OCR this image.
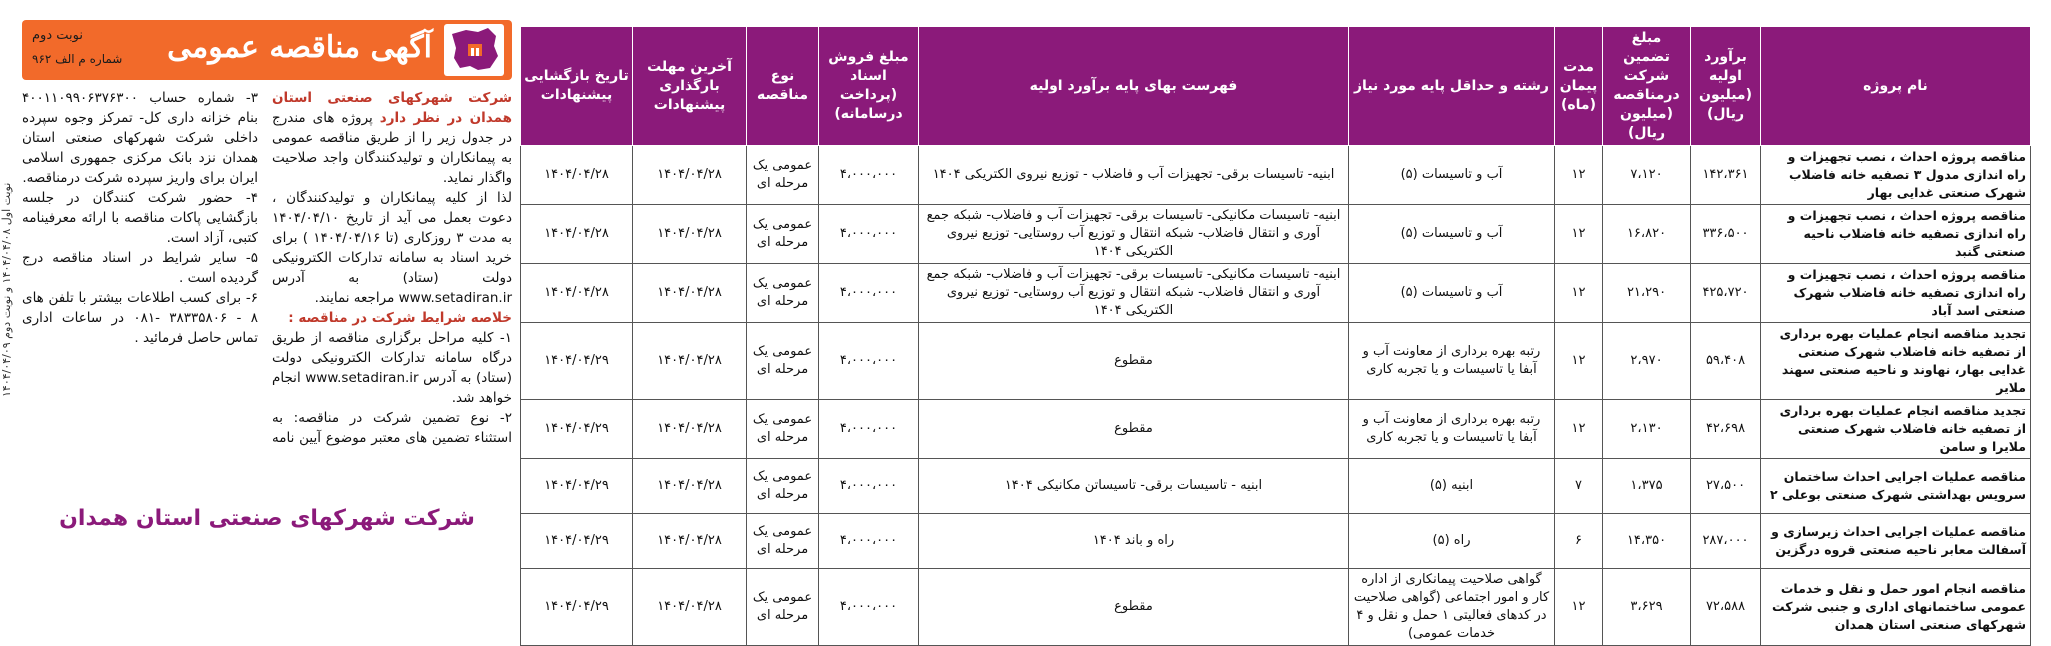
نوبت اول ۱۴۰۴/۰۴/۰۸ و نوبت دوم ۱۴۰۴/۰۴/۰۹
آگهی مناقصه عمومی
نوبت دوم
شماره م الف ۹۶۲
شرکت شهرکهای صنعتی استان همدان در نظر دارد پروژه های مندرج در جدول زیر را از طریق مناقصه عمومی به پیمانکاران و تولیدکنندگان واجد صلاحیت واگذار نماید.
لذا از کلیه پیمانکاران و تولیدکنندگان ، دعوت بعمل می آید از تاریخ ۱۴۰۴/۰۴/۱۰ به مدت ۳ روزکاری (تا ۱۴۰۴/۰۴/۱۶ ) برای خرید اسناد به سامانه تدارکات الکترونیکی دولت (ستاد) به آدرس www.setadiran.ir مراجعه نمایند.
خلاصه شرایط شرکت در مناقصه :
۱- کلیه مراحل برگزاری مناقصه از طریق درگاه سامانه تدارکات الکترونیکی دولت (ستاد) به آدرس www.setadiran.ir انجام خواهد شد.
۲- نوع تضمین شرکت در مناقصه: به استثناء تضمین های معتبر موضوع آیین نامه
۳- شماره حساب ۴۰۰۱۱۰۹۹۰۶۳۷۶۳۰۰ بنام خزانه داری کل- تمرکز وجوه سپرده داخلی شرکت شهرکهای صنعتی استان همدان نزد بانک مرکزی جمهوری اسلامی ایران برای واریز سپرده شرکت درمناقصه.
۴- حضور شرکت کنندگان در جلسه بازگشایی پاکات مناقصه با ارائه معرفینامه کتبی، آزاد است.
۵- سایر شرایط در اسناد مناقصه درج گردیده است .
۶- برای کسب اطلاعات بیشتر با تلفن های ۸ - ۳۸۳۳۵۸۰۶ -۰۸۱ در ساعات اداری تماس حاصل فرمائید .
شرکت شهرکهای صنعتی استان همدان
نام پروژه	برآورد اولیه (میلیون ریال)	مبلغ تضمین شرکت درمناقصه (میلیون ریال)	مدت پیمان (ماه)	رشته و حداقل پایه مورد نیاز	فهرست بهای پایه برآورد اولیه	مبلغ فروش اسناد (پرداخت درسامانه)	نوع مناقصه	آخرین مهلت بارگذاری پیشنهادات	تاریخ بازگشایی پیشنهادات
مناقصه پروژه احداث ، نصب تجهیزات و راه اندازی مدول ۳ تصفیه خانه فاضلاب شهرک صنعتی غدایی بهار	۱۴۲،۳۶۱	۷،۱۲۰	۱۲	آب و تاسیسات (۵)	ابنیه- تاسیسات برقی- تجهیزات آب و فاضلاب - توزیع نیروی الکتریکی ۱۴۰۴	۴،۰۰۰،۰۰۰	عمومی یک مرحله ای	۱۴۰۴/۰۴/۲۸	۱۴۰۴/۰۴/۲۸
مناقصه پروژه احداث ، نصب تجهیزات و راه اندازی تصفیه خانه فاضلاب ناحیه صنعتی گنبد	۳۳۶،۵۰۰	۱۶،۸۲۰	۱۲	آب و تاسیسات (۵)	ابنیه- تاسیسات مکانیکی- تاسیسات برقی- تجهیزات آب و فاضلاب- شبکه جمع آوری و انتقال فاضلاب- شبکه انتقال و توزیع آب روستایی- توزیع نیروی الکتریکی ۱۴۰۴	۴،۰۰۰،۰۰۰	عمومی یک مرحله ای	۱۴۰۴/۰۴/۲۸	۱۴۰۴/۰۴/۲۸
مناقصه پروژه احداث ، نصب تجهیزات و راه اندازی تصفیه خانه فاضلاب شهرک صنعتی اسد آباد	۴۲۵،۷۲۰	۲۱،۲۹۰	۱۲	آب و تاسیسات (۵)	ابنیه- تاسیسات مکانیکی- تاسیسات برقی- تجهیزات آب و فاضلاب- شبکه جمع آوری و انتقال فاضلاب- شبکه انتقال و توزیع آب روستایی- توزیع نیروی الکتریکی ۱۴۰۴	۴،۰۰۰،۰۰۰	عمومی یک مرحله ای	۱۴۰۴/۰۴/۲۸	۱۴۰۴/۰۴/۲۸
تجدید مناقصه انجام عملیات بهره برداری از تصفیه خانه فاضلاب شهرک صنعتی غدایی بهار، نهاوند و ناحیه صنعتی سهند ملایر	۵۹،۴۰۸	۲،۹۷۰	۱۲	رتبه بهره برداری از معاونت آب و آبفا یا تاسیسات و یا تجربه کاری	مقطوع	۴،۰۰۰،۰۰۰	عمومی یک مرحله ای	۱۴۰۴/۰۴/۲۸	۱۴۰۴/۰۴/۲۹
تجدید مناقصه انجام عملیات بهره برداری از تصفیه خانه فاضلاب شهرک صنعتی ملایرا و سامن	۴۲،۶۹۸	۲،۱۳۰	۱۲	رتبه بهره برداری از معاونت آب و آبفا یا تاسیسات و یا تجربه کاری	مقطوع	۴،۰۰۰،۰۰۰	عمومی یک مرحله ای	۱۴۰۴/۰۴/۲۸	۱۴۰۴/۰۴/۲۹
مناقصه عملیات اجرایی احداث ساختمان سرویس بهداشتی شهرک صنعتی بوعلی ۲	۲۷،۵۰۰	۱،۳۷۵	۷	ابنیه (۵)	ابنیه - تاسیسات برقی- تاسیساتن مکانیکی ۱۴۰۴	۴،۰۰۰،۰۰۰	عمومی یک مرحله ای	۱۴۰۴/۰۴/۲۸	۱۴۰۴/۰۴/۲۹
مناقصه عملیات اجرایی احداث زیرسازی و آسفالت معابر ناحیه صنعتی قروه درگزین	۲۸۷،۰۰۰	۱۴،۳۵۰	۶	راه (۵)	راه و باند ۱۴۰۴	۴،۰۰۰،۰۰۰	عمومی یک مرحله ای	۱۴۰۴/۰۴/۲۸	۱۴۰۴/۰۴/۲۹
مناقصه انجام امور حمل و نقل و خدمات عمومی ساختمانهای اداری و جنبی شرکت شهرکهای صنعتی استان همدان	۷۲،۵۸۸	۳،۶۲۹	۱۲	گواهی صلاحیت پیمانکاری از اداره کار و امور اجتماعی (گواهی صلاحیت در کدهای فعالیتی ۱ حمل و نقل و ۴ خدمات عمومی)	مقطوع	۴،۰۰۰،۰۰۰	عمومی یک مرحله ای	۱۴۰۴/۰۴/۲۸	۱۴۰۴/۰۴/۲۹
